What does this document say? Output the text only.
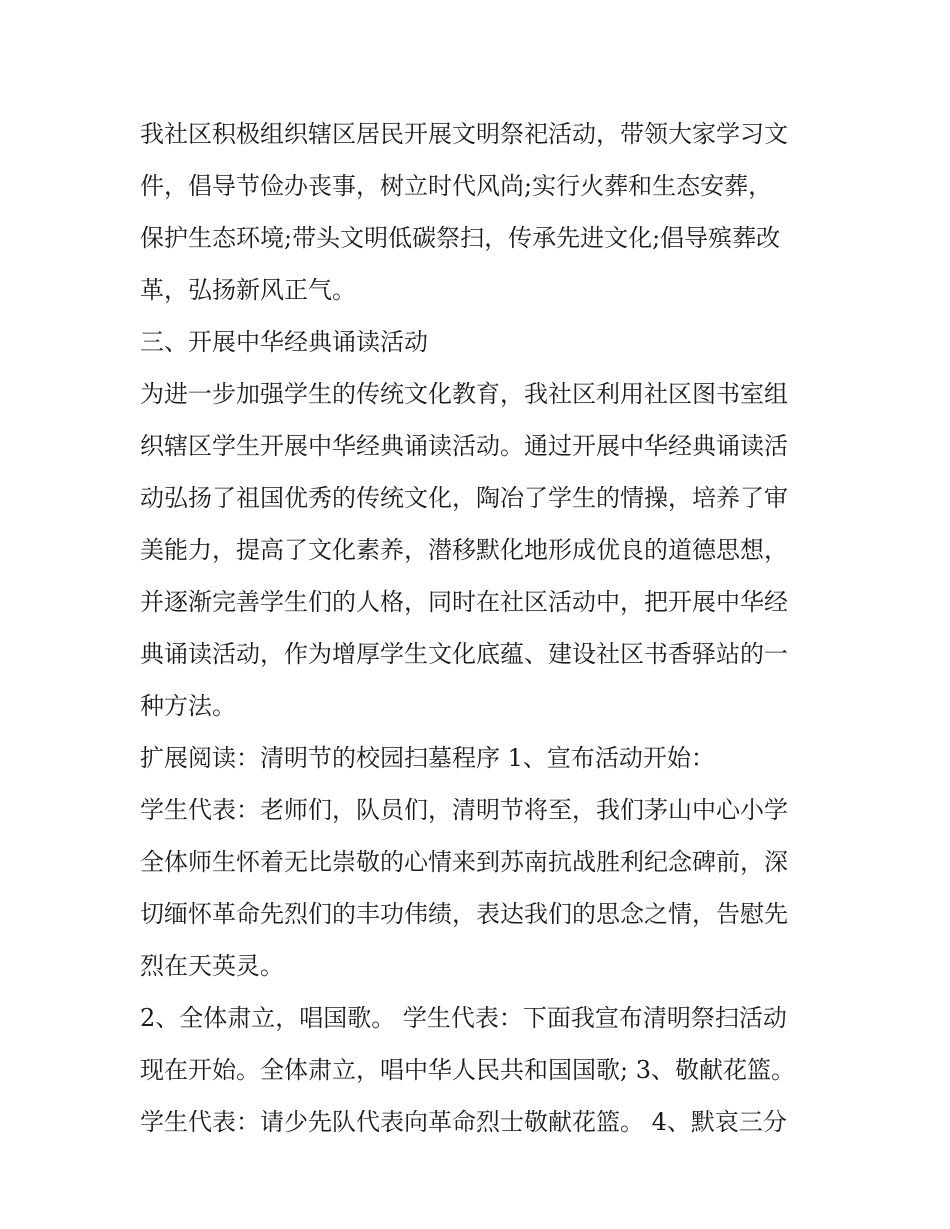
我社区积极组织辖区居民开展文明祭祀活动，带领大家学习文
件，倡导节俭办丧事，树立时代风尚;实行火葬和生态安葬，
保护生态环境;带头文明低碳祭扫，传承先进文化;倡导殡葬改
革，弘扬新风正气。
三、开展中华经典诵读活动
为进一步加强学生的传统文化教育，我社区利用社区图书室组
织辖区学生开展中华经典诵读活动。通过开展中华经典诵读活
动弘扬了祖国优秀的传统文化，陶冶了学生的情操，培养了审
美能力，提高了文化素养，潜移默化地形成优良的道德思想，
并逐渐完善学生们的人格，同时在社区活动中，把开展中华经
典诵读活动，作为增厚学生文化底蕴、建设社区书香驿站的一
种方法。
扩展阅读：清明节的校园扫墓程序 1、宣布活动开始：
学生代表：老师们，队员们，清明节将至，我们茅山中心小学
全体师生怀着无比崇敬的心情来到苏南抗战胜利纪念碑前，深
切缅怀革命先烈们的丰功伟绩，表达我们的思念之情，告慰先
烈在天英灵。
2、全体肃立，唱国歌。 学生代表：下面我宣布清明祭扫活动
现在开始。全体肃立，唱中华人民共和国国歌; 3、敬献花篮。
学生代表：请少先队代表向革命烈士敬献花篮。 4、默哀三分
